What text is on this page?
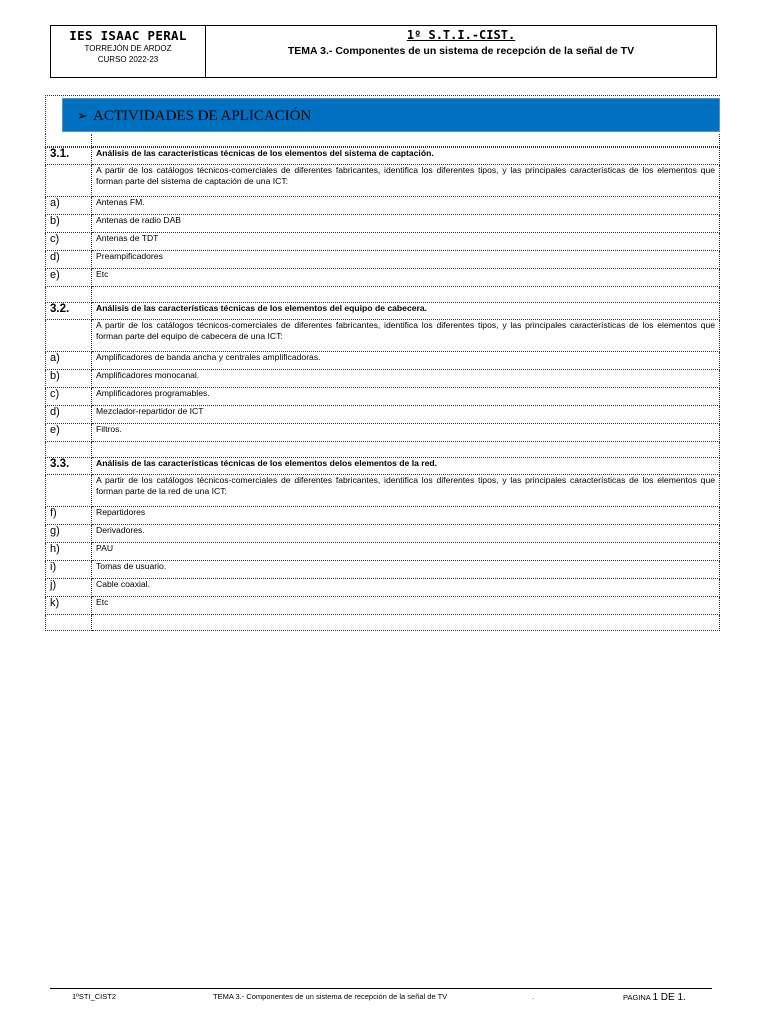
IES ISAAC PERAL
TORREJÓN DE ARDOZ
CURSO 2022-23
1º S.T.I.-CIST.
TEMA 3.- Componentes de un sistema de recepción de la señal de TV
➢ ACTIVIDADES DE APLICACIÓN
3.1.	Análisis de las características técnicas de los elementos del sistema de captación.
	A partir de los catálogos técnicos-comerciales de diferentes fabricantes, identifica los diferentes tipos, y las principales características de los elementos que forman parte del sistema de captación de una ICT:
a)	Antenas FM.
b)	Antenas de radio DAB
c)	Antenas de TDT
d)	Preampificadores
e)	Etc

3.2.	Análisis de las características técnicas de los elementos del equipo de cabecera.
	A partir de los catálogos técnicos-comerciales de diferentes fabricantes, identifica los diferentes tipos, y las principales características de los elementos que forman parte del equipo de cabecera de una ICT:
a)	Amplificadores de banda ancha y centrales amplificadoras.
b)	Amplificadores monocanal.
c)	Amplificadores programables.
d)	Mezclador-repartidor de ICT
e)	Filtros.

3.3.	Análisis de las características técnicas de los elementos delos elementos de la red.
	A partir de los catálogos técnicos-comerciales de diferentes fabricantes, identifica los diferentes tipos, y las principales características de los elementos que forman parte de la red de una ICT:
f)	Repartidores
g)	Derivadores.
h)	PAU
i)	Tomas de usuario.
j)	Cable coaxial.
k)	Etc

1ºSTI_CIST2	TEMA 3.- Componentes de un sistema de recepción de la señal de TV	.	PAGINA 1 DE 1.
